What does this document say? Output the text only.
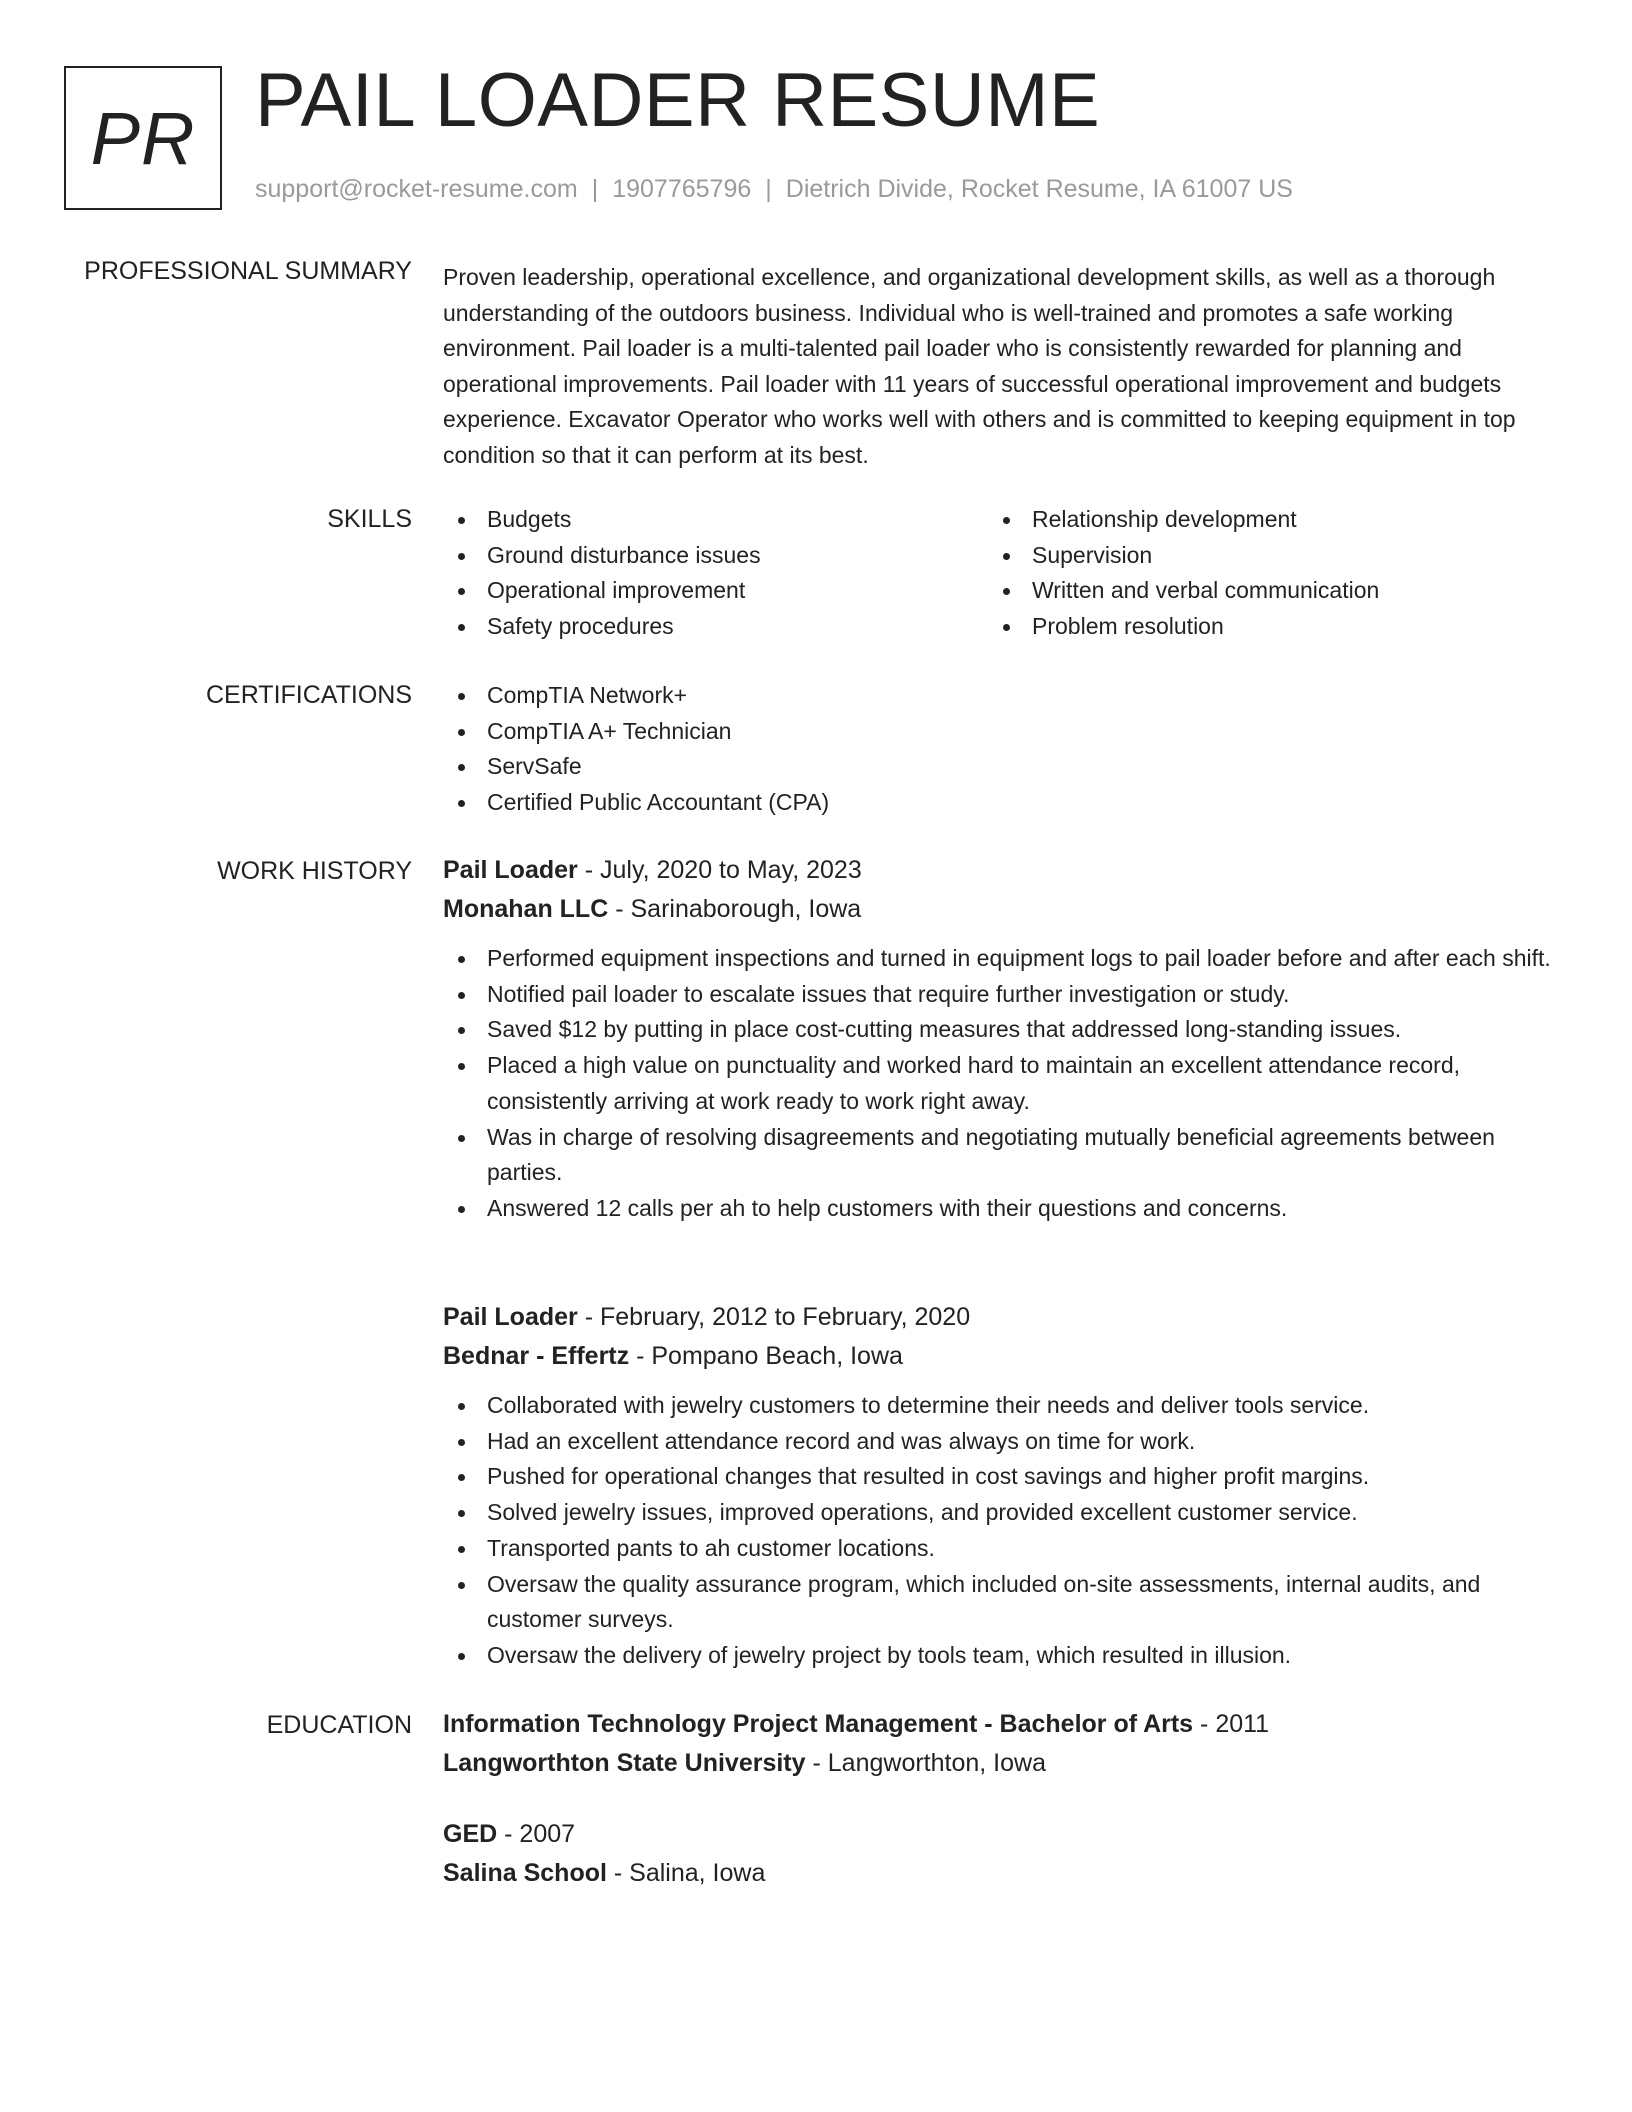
PR PAIL LOADER RESUME
support@rocket-resume.com | 1907765796 | Dietrich Divide, Rocket Resume, IA 61007 US
PROFESSIONAL SUMMARY Proven leadership, operational excellence, and organizational development skills, as well as a thorough understanding of the outdoors business. Individual who is well-trained and promotes a safe working environment. Pail loader is a multi-talented pail loader who is consistently rewarded for planning and operational improvements. Pail loader with 11 years of successful operational improvement and budgets experience. Excavator Operator who works well with others and is committed to keeping equipment in top condition so that it can perform at its best.

SKILLS	Budgets
Ground disturbance issues
Operational improvement
Safety procedures
Relationship development
Supervision
Written and verbal communication
Problem resolution
CERTIFICATIONS	CompTIA Network+
CompTIA A+ Technician
ServSafe
Certified Public Accountant (CPA)
WORK HISTORY Pail Loader - July, 2020 to May, 2023
Monahan LLC - Sarinaborough, Iowa
Performed equipment inspections and turned in equipment logs to pail loader before and after each shift.
Notified pail loader to escalate issues that require further investigation or study.
Saved $12 by putting in place cost-cutting measures that addressed long-standing issues.
Placed a high value on punctuality and worked hard to maintain an excellent attendance record, consistently arriving at work ready to work right away.
Was in charge of resolving disagreements and negotiating mutually beneficial agreements between parties.
Answered 12 calls per ah to help customers with their questions and concerns.
Pail Loader - February, 2012 to February, 2020
Bednar - Effertz - Pompano Beach, Iowa
Collaborated with jewelry customers to determine their needs and deliver tools service.
Had an excellent attendance record and was always on time for work.
Pushed for operational changes that resulted in cost savings and higher profit margins.
Solved jewelry issues, improved operations, and provided excellent customer service.
Transported pants to ah customer locations.
Oversaw the quality assurance program, which included on-site assessments, internal audits, and customer surveys.
Oversaw the delivery of jewelry project by tools team, which resulted in illusion.
EDUCATION Information Technology Project Management - Bachelor of Arts - 2011
Langworthton State University - Langworthton, Iowa
GED - 2007
Salina School - Salina, Iowa
